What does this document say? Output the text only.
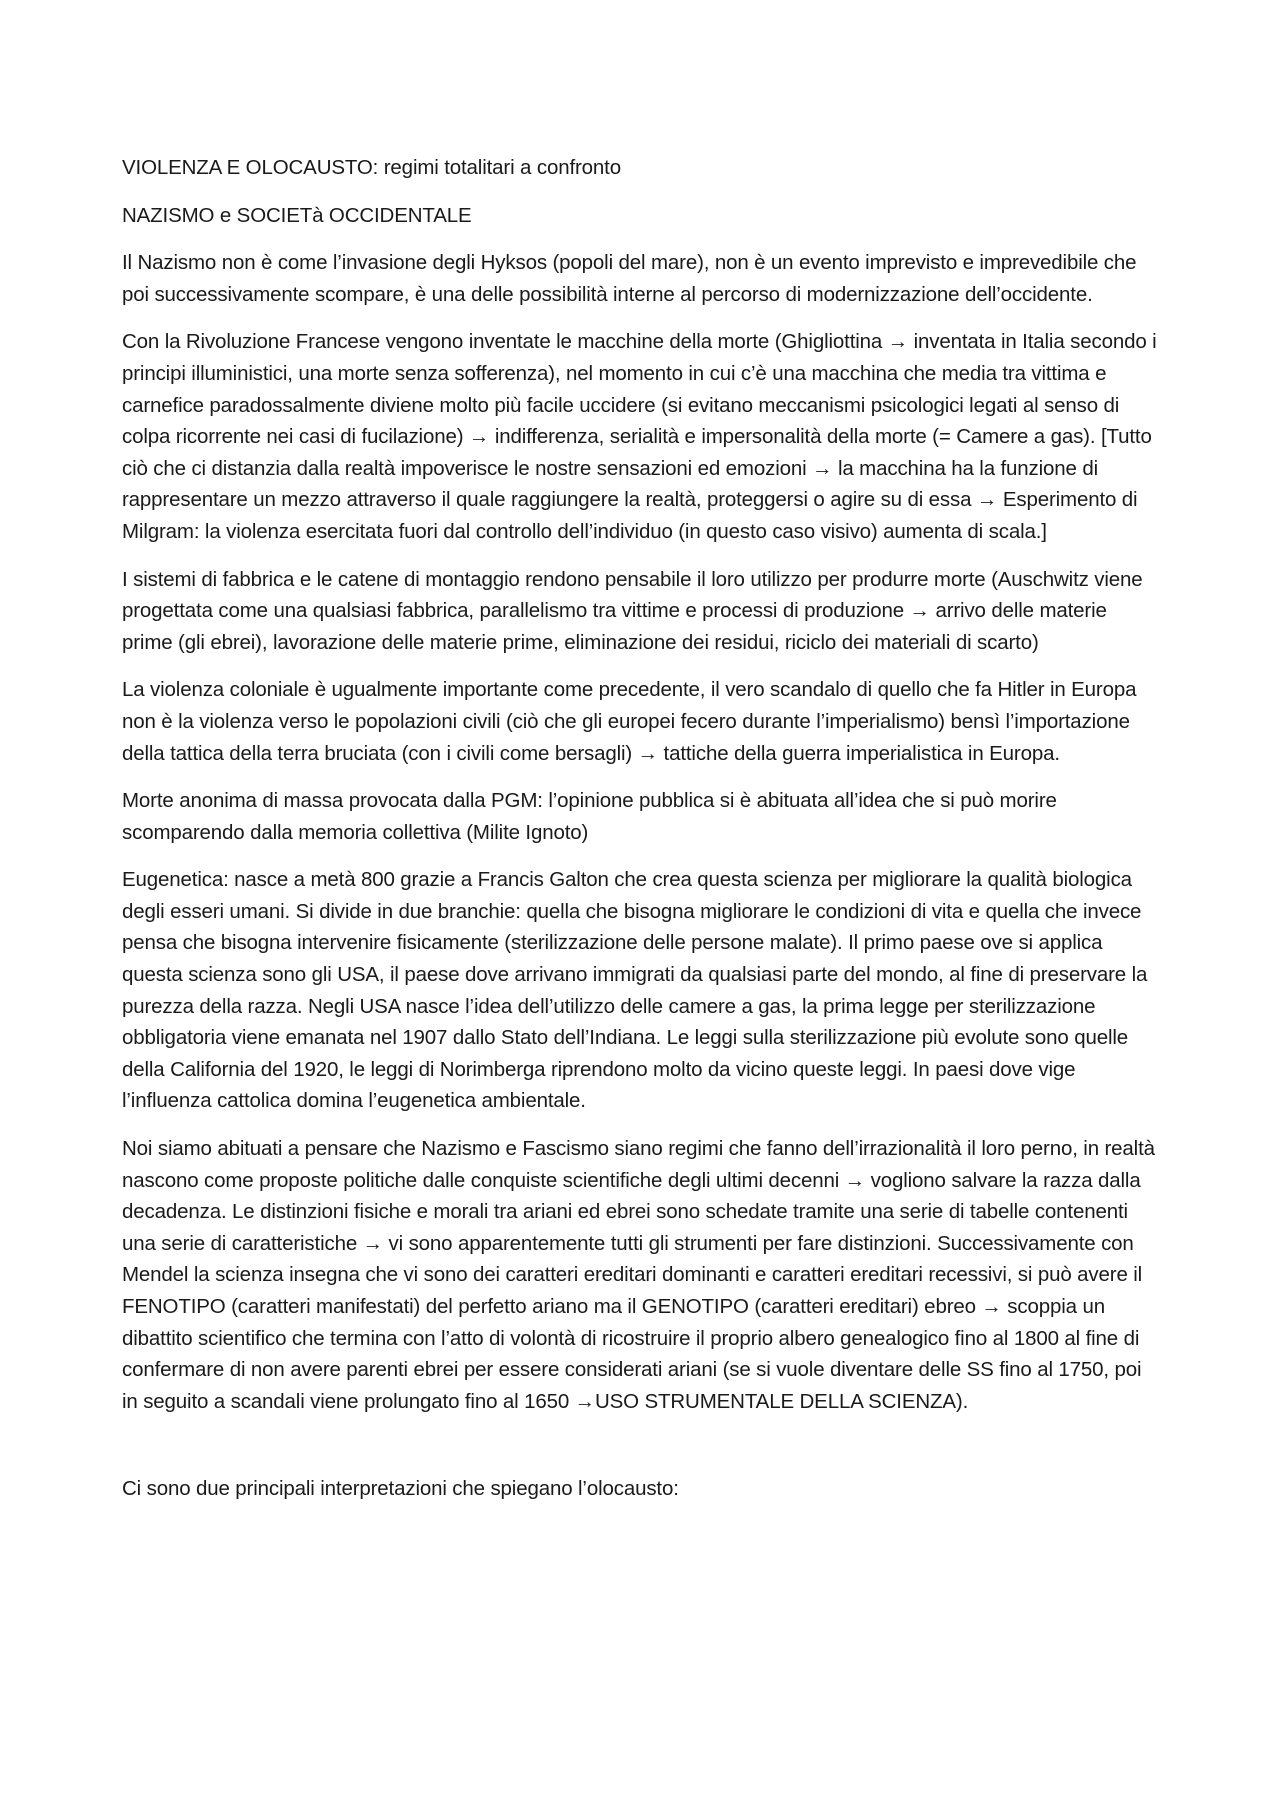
VIOLENZA E OLOCAUSTO: regimi totalitari a confronto

NAZISMO e SOCIETà OCCIDENTALE

Il Nazismo non è come l’invasione degli Hyksos (popoli del mare), non è un evento imprevisto e imprevedibile che poi successivamente scompare, è una delle possibilità interne al percorso di modernizzazione dell’occidente.

Con la Rivoluzione Francese vengono inventate le macchine della morte (Ghigliottina → inventata in Italia secondo i principi illuministici, una morte senza sofferenza), nel momento in cui c’è una macchina che media tra vittima e carnefice paradossalmente diviene molto più facile uccidere (si evitano meccanismi psicologici legati al senso di colpa ricorrente nei casi di fucilazione) → indifferenza, serialità e impersonalità della morte (= Camere a gas). [Tutto ciò che ci distanzia dalla realtà impoverisce le nostre sensazioni ed emozioni → la macchina ha la funzione di rappresentare un mezzo attraverso il quale raggiungere la realtà, proteggersi o agire su di essa → Esperimento di Milgram: la violenza esercitata fuori dal controllo dell’individuo (in questo caso visivo) aumenta di scala.]

I sistemi di fabbrica e le catene di montaggio rendono pensabile il loro utilizzo per produrre morte (Auschwitz viene progettata come una qualsiasi fabbrica, parallelismo tra vittime e processi di produzione → arrivo delle materie prime (gli ebrei), lavorazione delle materie prime, eliminazione dei residui, riciclo dei materiali di scarto)

La violenza coloniale è ugualmente importante come precedente, il vero scandalo di quello che fa Hitler in Europa non è la violenza verso le popolazioni civili (ciò che gli europei fecero durante l’imperialismo) bensì l’importazione della tattica della terra bruciata (con i civili come bersagli) → tattiche della guerra imperialistica in Europa.

Morte anonima di massa provocata dalla PGM: l’opinione pubblica si è abituata all’idea che si può morire scomparendo dalla memoria collettiva (Milite Ignoto)

Eugenetica: nasce a metà 800 grazie a Francis Galton che crea questa scienza per migliorare la qualità biologica degli esseri umani. Si divide in due branchie: quella che bisogna migliorare le condizioni di vita e quella che invece pensa che bisogna intervenire fisicamente (sterilizzazione delle persone malate). Il primo paese ove si applica questa scienza sono gli USA, il paese dove arrivano immigrati da qualsiasi parte del mondo, al fine di preservare la purezza della razza. Negli USA nasce l’idea dell’utilizzo delle camere a gas, la prima legge per sterilizzazione obbligatoria viene emanata nel 1907 dallo Stato dell’Indiana. Le leggi sulla sterilizzazione più evolute sono quelle della California del 1920, le leggi di Norimberga riprendono molto da vicino queste leggi. In paesi dove vige l’influenza cattolica domina l’eugenetica ambientale.

Noi siamo abituati a pensare che Nazismo e Fascismo siano regimi che fanno dell’irrazionalità il loro perno, in realtà nascono come proposte politiche dalle conquiste scientifiche degli ultimi decenni → vogliono salvare la razza dalla decadenza. Le distinzioni fisiche e morali tra ariani ed ebrei sono schedate tramite una serie di tabelle contenenti una serie di caratteristiche → vi sono apparentemente tutti gli strumenti per fare distinzioni. Successivamente con Mendel la scienza insegna che vi sono dei caratteri ereditari dominanti e caratteri ereditari recessivi, si può avere il FENOTIPO (caratteri manifestati) del perfetto ariano ma il GENOTIPO (caratteri ereditari) ebreo → scoppia un dibattito scientifico che termina con l’atto di volontà di ricostruire il proprio albero genealogico fino al 1800 al fine di confermare di non avere parenti ebrei per essere considerati ariani (se si vuole diventare delle SS fino al 1750, poi in seguito a scandali viene prolungato fino al 1650 →USO STRUMENTALE DELLA SCIENZA).

Ci sono due principali interpretazioni che spiegano l’olocausto:
